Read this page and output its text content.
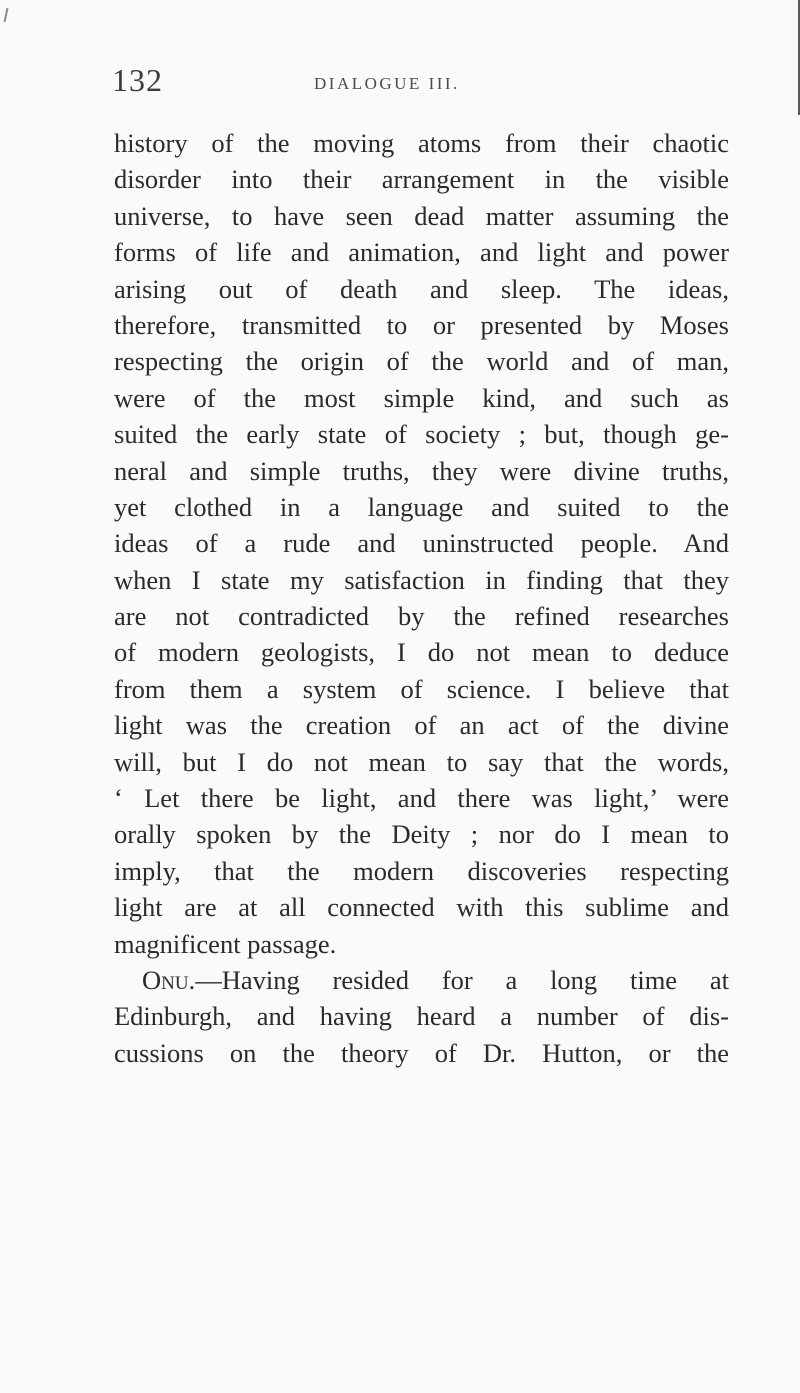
132	DIALOGUE III.
history of the moving atoms from their chaotic
disorder into their arrangement in the visible
universe, to have seen dead matter assuming the
forms of life and animation, and light and power
arising out of death and sleep. The ideas,
therefore, transmitted to or presented by Moses
respecting the origin of the world and of man,
were of the most simple kind, and such as
suited the early state of society ; but, though ge-
neral and simple truths, they were divine truths,
yet clothed in a language and suited to the
ideas of a rude and uninstructed people. And
when I state my satisfaction in finding that they
are not contradicted by the refined researches
of modern geologists, I do not mean to deduce
from them a system of science. I believe that
light was the creation of an act of the divine
will, but I do not mean to say that the words,
‘ Let there be light, and there was light,’ were
orally spoken by the Deity ; nor do I mean to
imply, that the modern discoveries respecting
light are at all connected with this sublime and
magnificent passage.
Onu.—Having resided for a long time at
Edinburgh, and having heard a number of dis-
cussions on the theory of Dr. Hutton, or the
